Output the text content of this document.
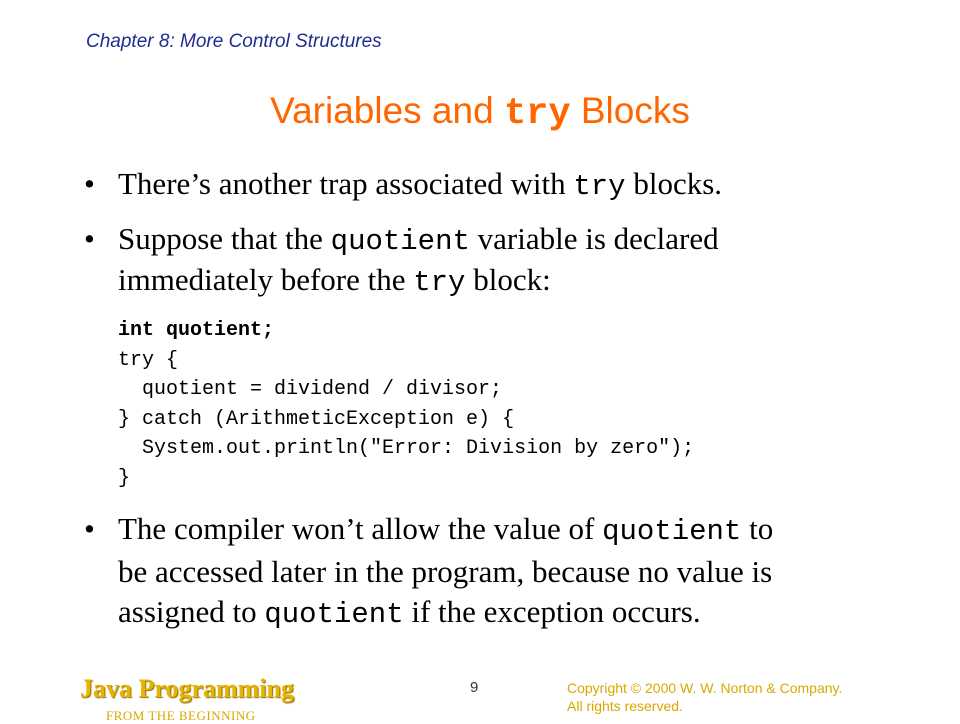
Chapter 8: More Control Structures
Variables and try Blocks
• There’s another trap associated with try blocks.
• Suppose that the quotient variable is declared
immediately before the try block:
int quotient;
try {
quotient = dividend / divisor;
} catch (ArithmeticException e) {
System.out.println("Error: Division by zero");
}
• The compiler won’t allow the value of quotient to
be accessed later in the program, because no value is
assigned to quotient if the exception occurs.
Java Programming
FROM THE BEGINNING
9	Copyright © 2000 W. W. Norton & Company.
All rights reserved.
